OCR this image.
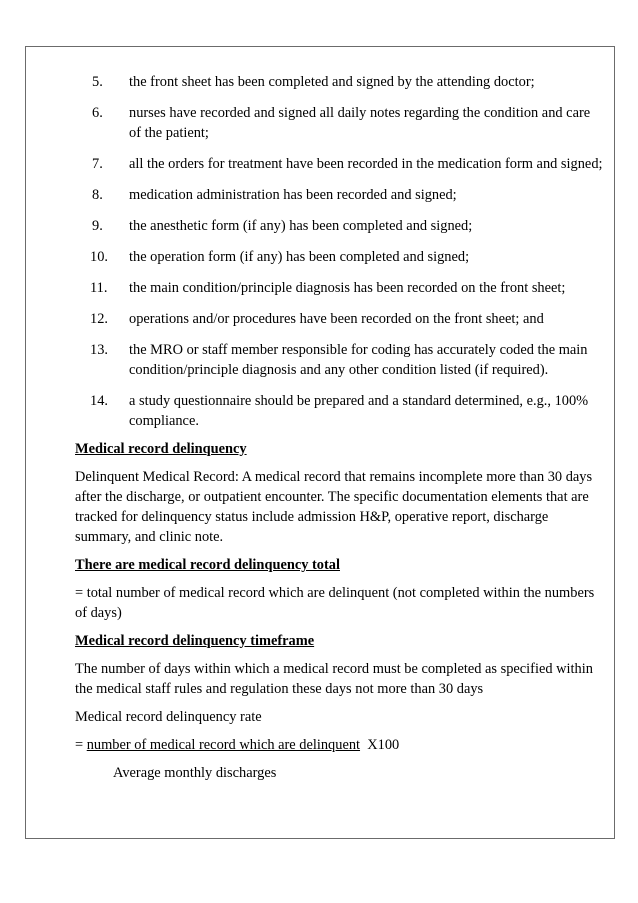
5.	the front sheet has been completed and signed by the attending doctor;
6.	nurses have recorded and signed all daily notes regarding the condition and care of the patient;
7.	all the orders for treatment have been recorded in the medication form and signed;
8.	medication administration has been recorded and signed;
9.	the anesthetic form (if any) has been completed and signed;
10.	the operation form (if any) has been completed and signed;
11.	the main condition/principle diagnosis has been recorded on the front sheet;
12.	operations and/or procedures have been recorded on the front sheet; and
13.	the MRO or staff member responsible for coding has accurately coded the main condition/principle diagnosis and any other condition listed (if required).
14.	a study questionnaire should be prepared and a standard determined, e.g., 100% compliance.

Medical record delinquency

Delinquent Medical Record: A medical record that remains incomplete more than 30 days after the discharge, or outpatient encounter. The specific documentation elements that are tracked for delinquency status include admission H&P, operative report, discharge summary, and clinic note.

There are medical record delinquency total

= total number of medical record which are delinquent (not completed within the numbers of days)

Medical record delinquency timeframe

The number of days within which a medical record must be completed as specified within the medical staff rules and regulation these days not more than 30 days

Medical record delinquency rate

= number of medical record which are delinquent X100

Average monthly discharges
